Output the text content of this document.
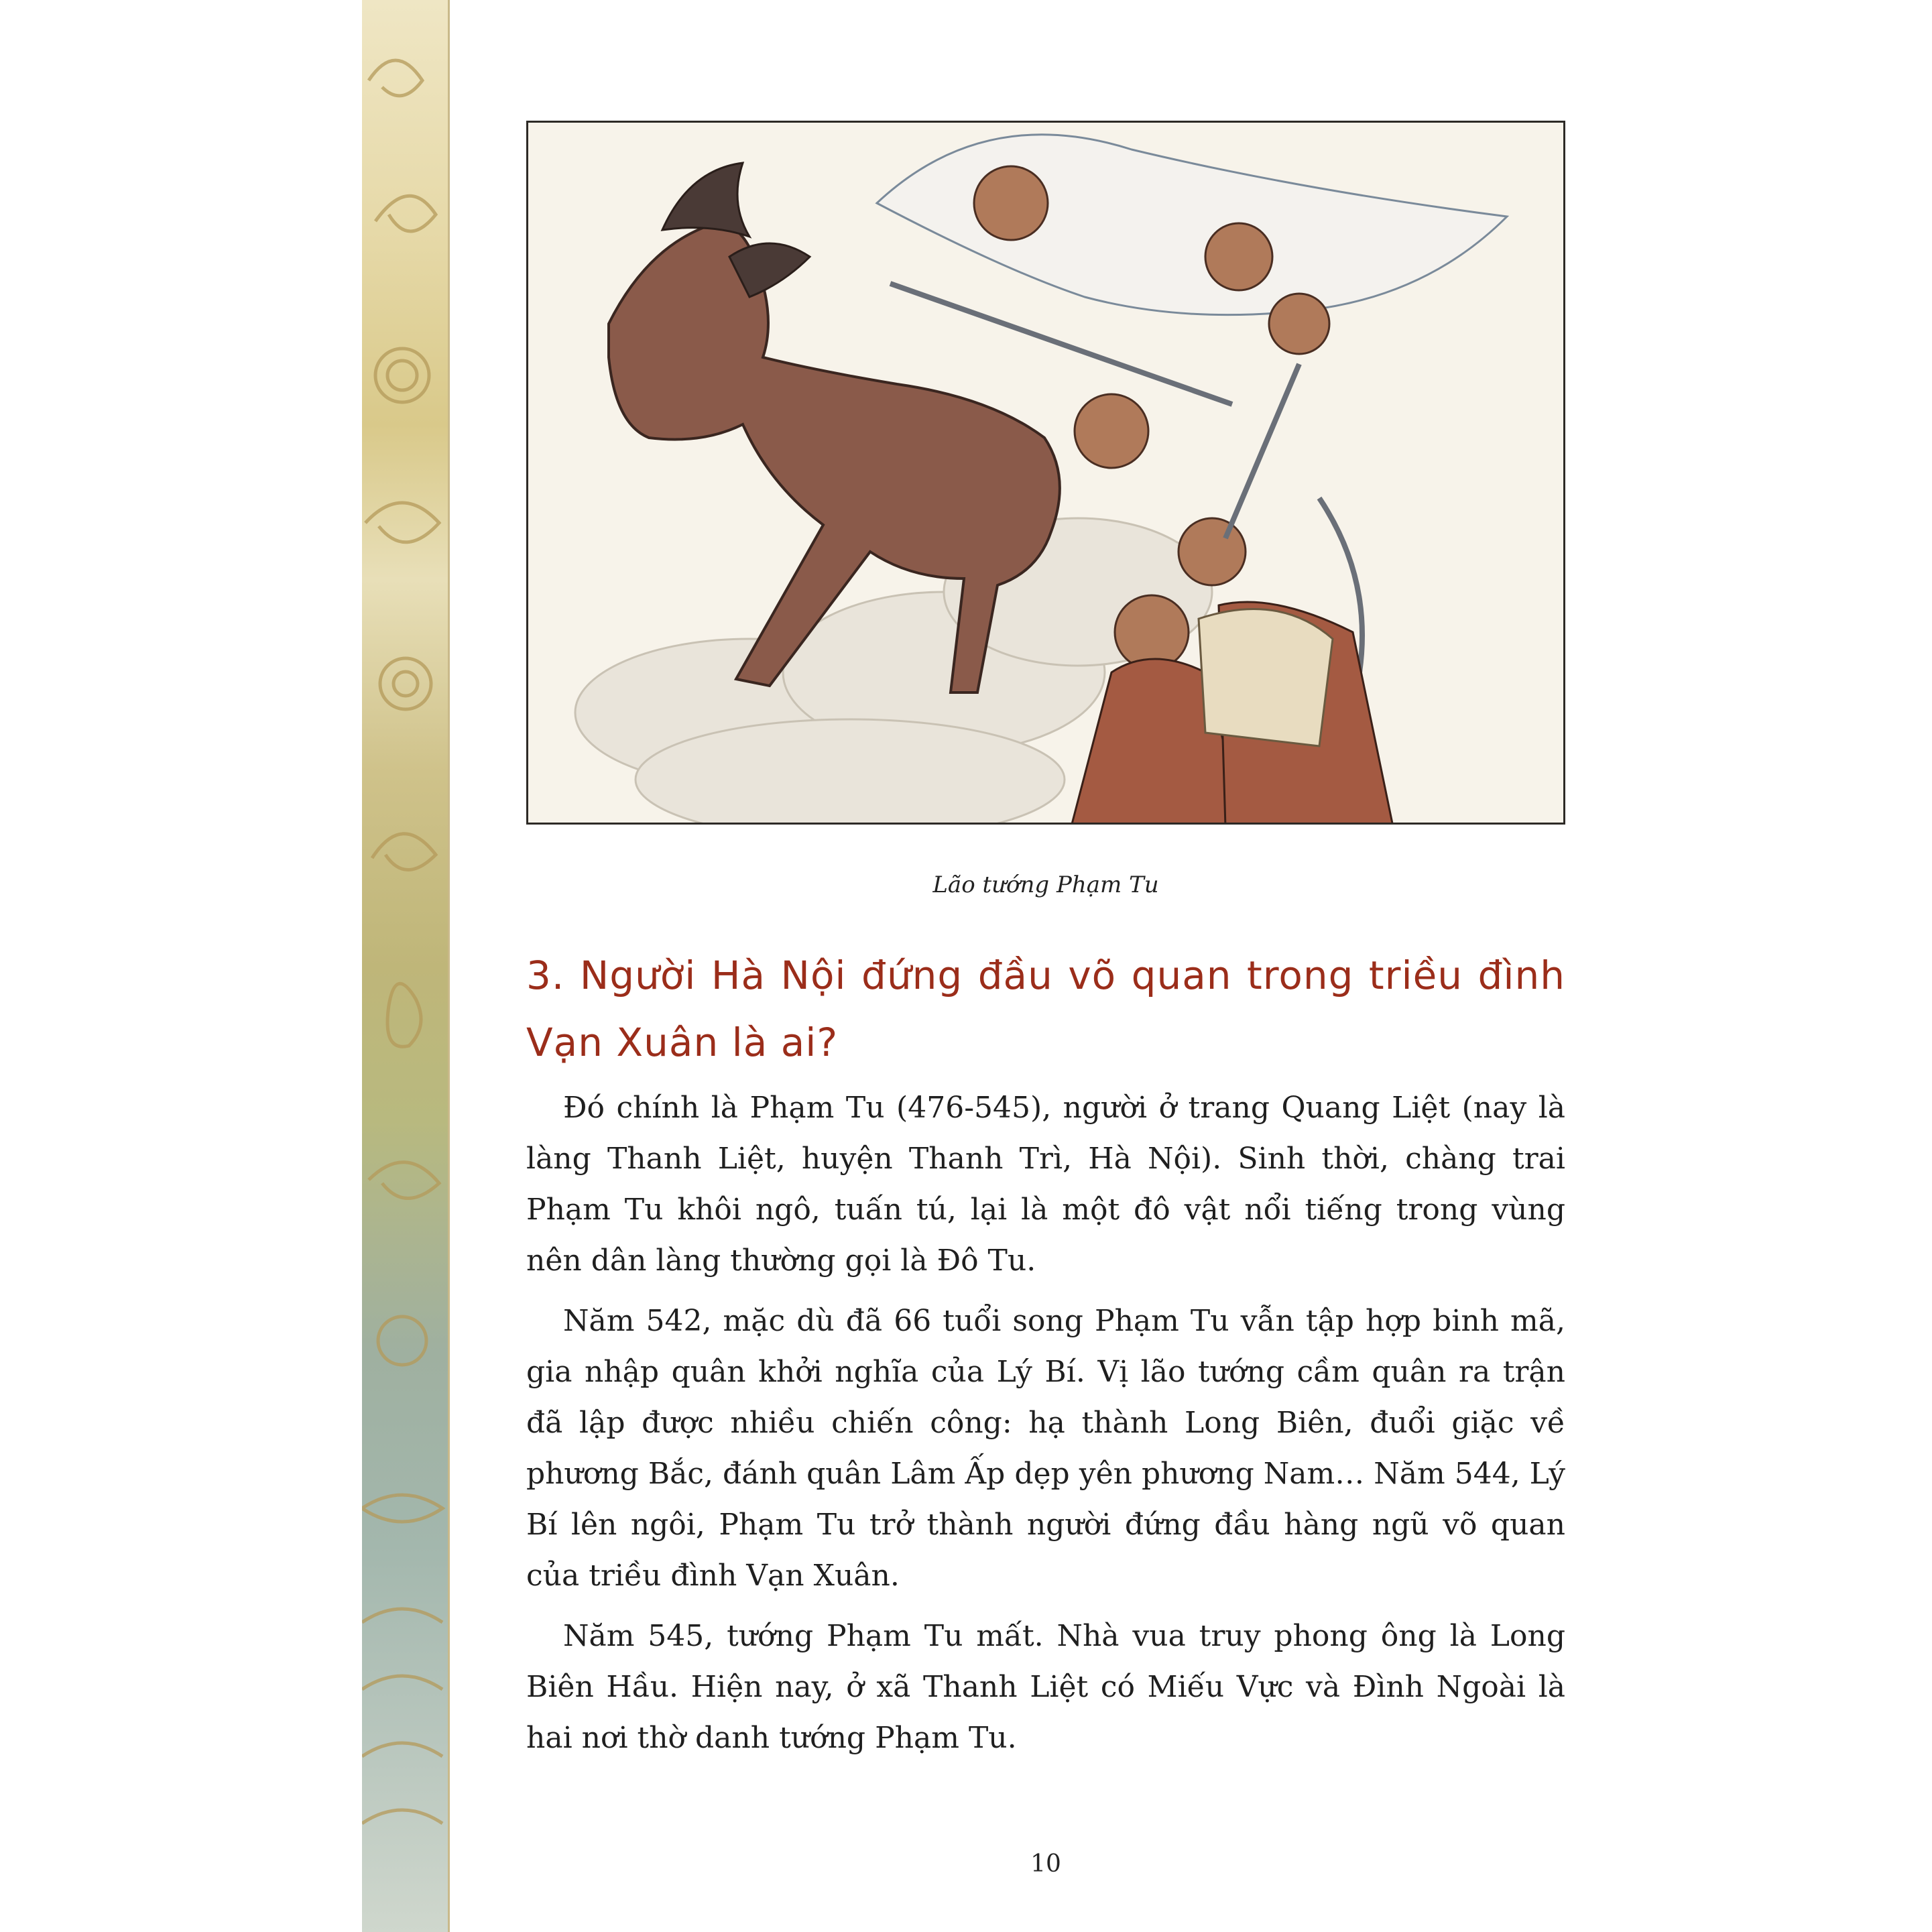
Lão tướng Phạm Tu
3. Người Hà Nội đứng đầu võ quan trong triều đình Vạn Xuân là ai?

Đó chính là Phạm Tu (476-545), người ở trang Quang Liệt (nay là làng Thanh Liệt, huyện Thanh Trì, Hà Nội). Sinh thời, chàng trai Phạm Tu khôi ngô, tuấn tú, lại là một đô vật nổi tiếng trong vùng nên dân làng thường gọi là Đô Tu.

Năm 542, mặc dù đã 66 tuổi song Phạm Tu vẫn tập hợp binh mã, gia nhập quân khởi nghĩa của Lý Bí. Vị lão tướng cầm quân ra trận đã lập được nhiều chiến công: hạ thành Long Biên, đuổi giặc về phương Bắc, đánh quân Lâm Ấp dẹp yên phương Nam… Năm 544, Lý Bí lên ngôi, Phạm Tu trở thành người đứng đầu hàng ngũ võ quan của triều đình Vạn Xuân.

Năm 545, tướng Phạm Tu mất. Nhà vua truy phong ông là Long Biên Hầu. Hiện nay, ở xã Thanh Liệt có Miếu Vực và Đình Ngoài là hai nơi thờ danh tướng Phạm Tu.

10
